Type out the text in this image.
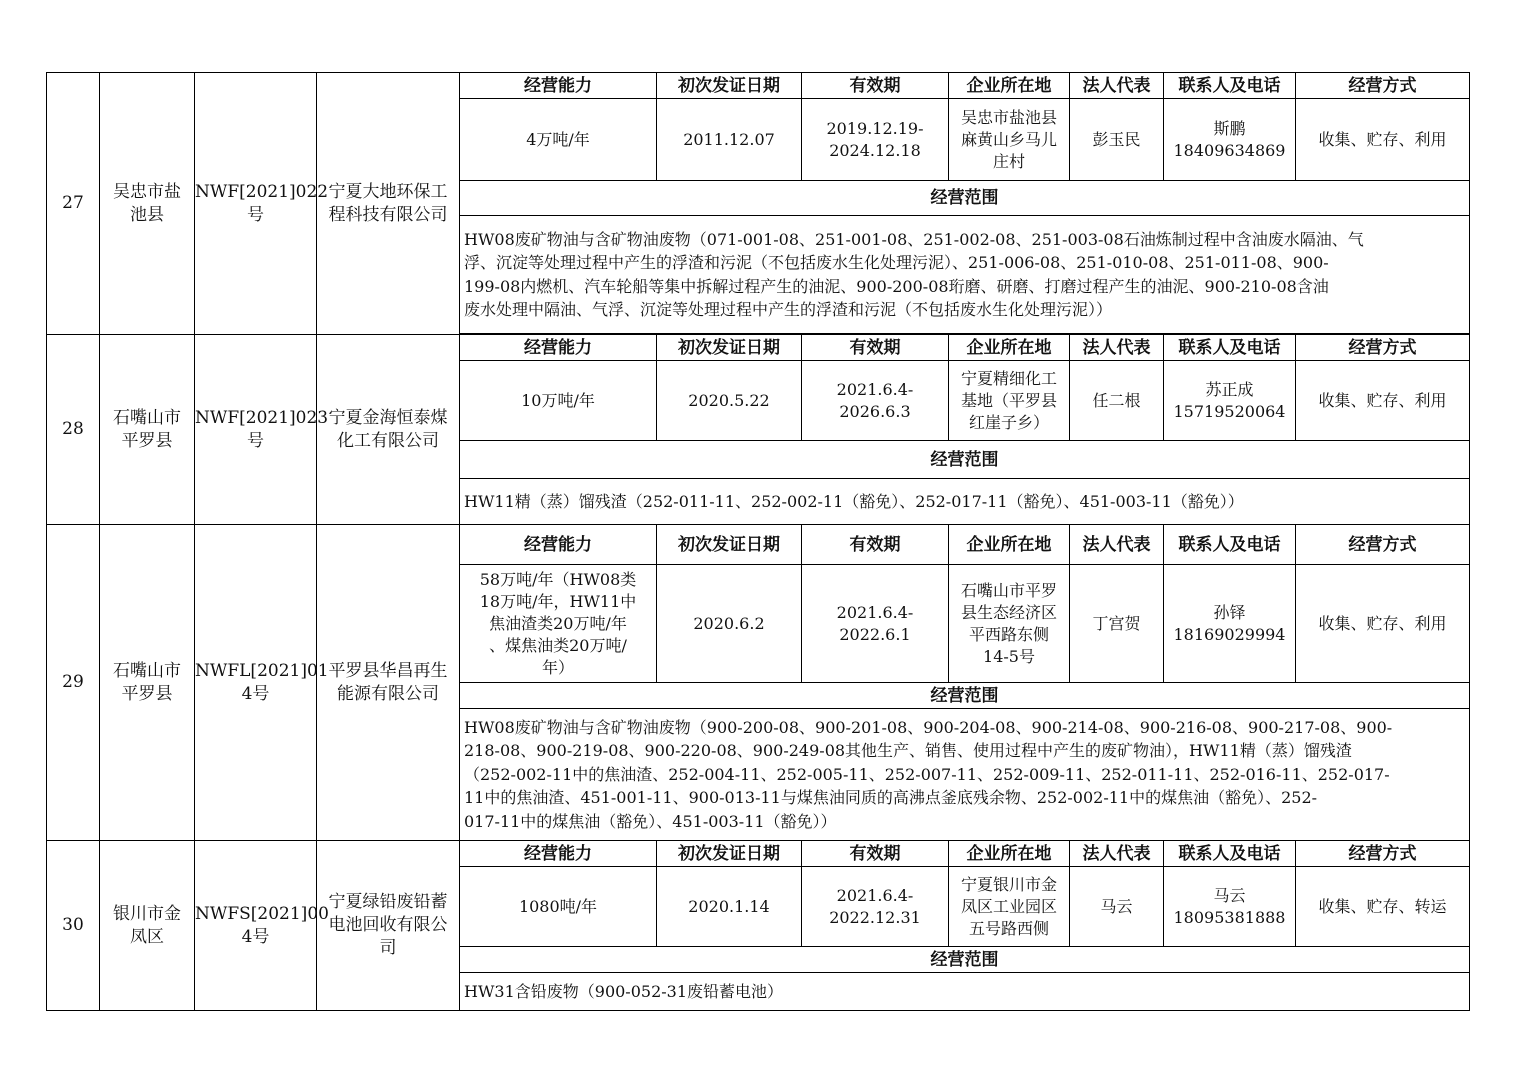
27	吴忠市盐
池县	NWF[2021]022
号	宁夏大地环保工
程科技有限公司	经营能力	初次发证日期	有效期	企业所在地	法人代表	联系人及电话	经营方式
				4万吨/年	2011.12.07	2019.12.19-
2024.12.18	吴忠市盐池县
麻黄山乡马儿
庄村	彭玉民	斯鹏
18409634869	收集、贮存、利用
				经营范围						
				HW08废矿物油与含矿物油废物（071-001-08、251-001-08、251-002-08、251-003-08石油炼制过程中含油废水隔油、气
浮、沉淀等处理过程中产生的浮渣和污泥（不包括废水生化处理污泥）、251-006-08、251-010-08、251-011-08、900-
199-08内燃机、汽车轮船等集中拆解过程产生的油泥、900-200-08珩磨、研磨、打磨过程产生的油泥、900-210-08含油
废水处理中隔油、气浮、沉淀等处理过程中产生的浮渣和污泥（不包括废水生化处理污泥））						

28	石嘴山市
平罗县	NWF[2021]023
号	宁夏金海恒泰煤
化工有限公司	经营能力	初次发证日期	有效期	企业所在地	法人代表	联系人及电话	经营方式
				10万吨/年	2020.5.22	2021.6.4-
2026.6.3	宁夏精细化工
基地（平罗县
红崖子乡）	任二根	苏正成
15719520064	收集、贮存、利用
				经营范围						
				HW11精（蒸）馏残渣（252-011-11、252-002-11（豁免）、252-017-11（豁免）、451-003-11（豁免））						
29	石嘴山市
平罗县	NWFL[2021]01
4号	平罗县华昌再生
能源有限公司	经营能力	初次发证日期	有效期	企业所在地	法人代表	联系人及电话	经营方式
				58万吨/年（HW08类
18万吨/年，HW11中
焦油渣类20万吨/年
、煤焦油类20万吨/
年）	2020.6.2	2021.6.4-
2022.6.1	石嘴山市平罗
县生态经济区
平西路东侧
14-5号	丁宫贺	孙铎
18169029994	收集、贮存、利用
				经营范围						
				HW08废矿物油与含矿物油废物（900-200-08、900-201-08、900-204-08、900-214-08、900-216-08、900-217-08、900-
218-08、900-219-08、900-220-08、900-249-08其他生产、销售、使用过程中产生的废矿物油），HW11精（蒸）馏残渣
（252-002-11中的焦油渣、252-004-11、252-005-11、252-007-11、252-009-11、252-011-11、252-016-11、252-017-
11中的焦油渣、451-001-11、900-013-11与煤焦油同质的高沸点釜底残余物、252-002-11中的煤焦油（豁免）、252-
017-11中的煤焦油（豁免）、451-003-11（豁免））						
30	银川市金
凤区	NWFS[2021]00
4号	宁夏绿铅废铅蓄
电池回收有限公
司	经营能力	初次发证日期	有效期	企业所在地	法人代表	联系人及电话	经营方式
				1080吨/年	2020.1.14	2021.6.4-
2022.12.31	宁夏银川市金
凤区工业园区
五号路西侧	马云	马云
18095381888	收集、贮存、转运
				经营范围						
				HW31含铅废物（900-052-31废铅蓄电池）						
